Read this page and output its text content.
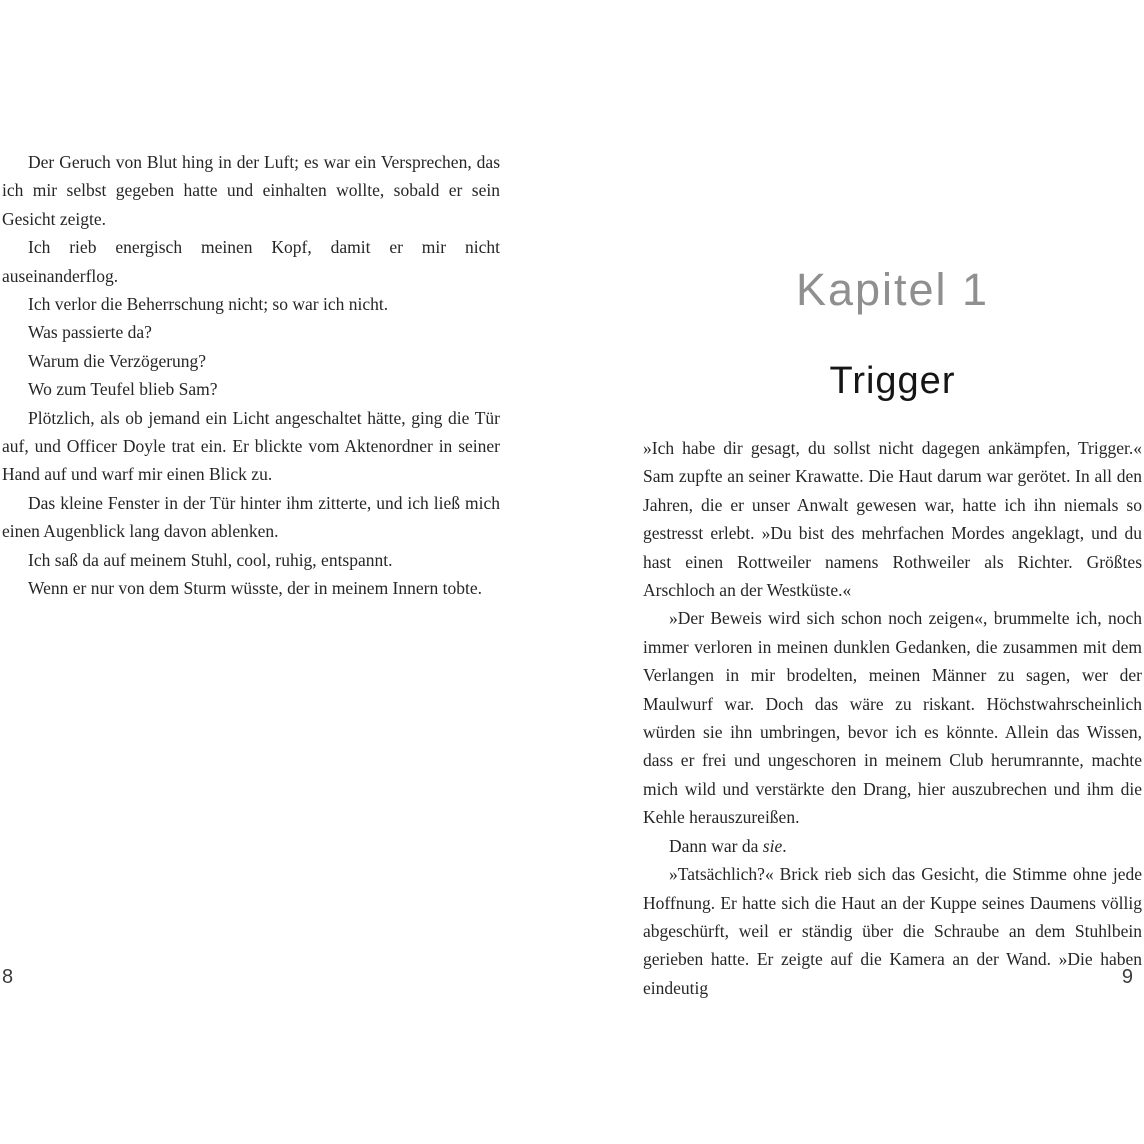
Der Geruch von Blut hing in der Luft; es war ein Versprechen, das ich mir selbst gegeben hatte und einhalten wollte, sobald er sein Gesicht zeigte.

Ich rieb energisch meinen Kopf, damit er mir nicht auseinanderflog.

Ich verlor die Beherrschung nicht; so war ich nicht.

Was passierte da?

Warum die Verzögerung?

Wo zum Teufel blieb Sam?

Plötzlich, als ob jemand ein Licht angeschaltet hätte, ging die Tür auf, und Officer Doyle trat ein. Er blickte vom Aktenordner in seiner Hand auf und warf mir einen Blick zu.

Das kleine Fenster in der Tür hinter ihm zitterte, und ich ließ mich einen Augenblick lang davon ablenken.

Ich saß da auf meinem Stuhl, cool, ruhig, entspannt.

Wenn er nur von dem Sturm wüsste, der in meinem Innern tobte.

8
Kapitel 1
Trigger

»Ich habe dir gesagt, du sollst nicht dagegen ankämpfen, Trigger.« Sam zupfte an seiner Krawatte. Die Haut darum war gerötet. In all den Jahren, die er unser Anwalt gewesen war, hatte ich ihn niemals so gestresst erlebt. »Du bist des mehrfachen Mordes angeklagt, und du hast einen Rottweiler namens Rothweiler als Richter. Größtes Arschloch an der Westküste.«

»Der Beweis wird sich schon noch zeigen«, brummelte ich, noch immer verloren in meinen dunklen Gedanken, die zusammen mit dem Verlangen in mir brodelten, meinen Männer zu sagen, wer der Maulwurf war. Doch das wäre zu riskant. Höchstwahrscheinlich würden sie ihn umbringen, bevor ich es könnte. Allein das Wissen, dass er frei und ungeschoren in meinem Club herumrannte, machte mich wild und verstärkte den Drang, hier auszubrechen und ihm die Kehle herauszureißen.

Dann war da sie.

»Tatsächlich?« Brick rieb sich das Gesicht, die Stimme ohne jede Hoffnung. Er hatte sich die Haut an der Kuppe seines Daumens völlig abgeschürft, weil er ständig über die Schraube an dem Stuhlbein gerieben hatte. Er zeigte auf die Kamera an der Wand. »Die haben eindeutig	9
